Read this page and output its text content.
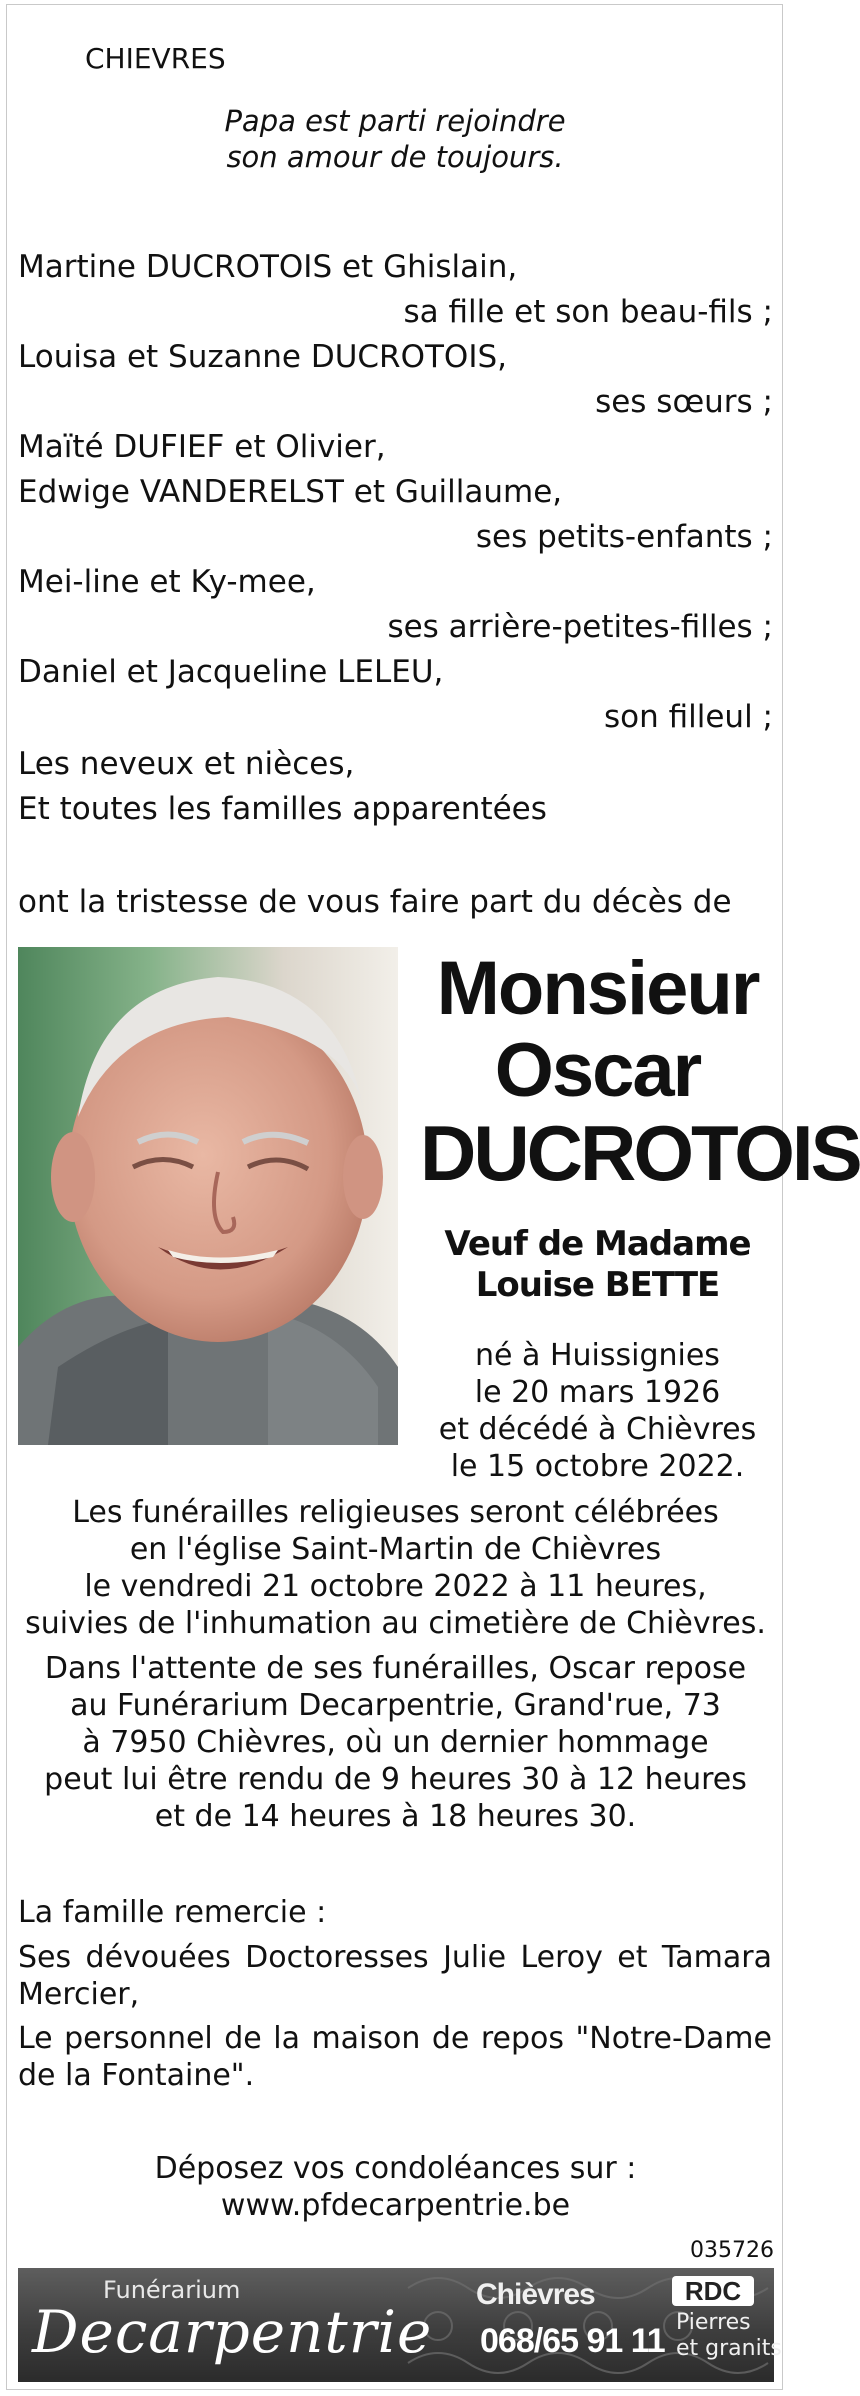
CHIEVRES
Papa est parti rejoindre
son amour de toujours.
Martine DUCROTOIS et Ghislain,
sa fille et son beau-fils ;
Louisa et Suzanne DUCROTOIS,
ses sœurs ;
Maïté DUFIEF et Olivier,
Edwige VANDERELST et Guillaume,
ses petits-enfants ;
Mei-line et Ky-mee,
ses arrière-petites-filles ;
Daniel et Jacqueline LELEU,
son filleul ;
Les neveux et nièces,
Et toutes les familles apparentées
ont la tristesse de vous faire part du décès de
Monsieur
Oscar
DUCROTOIS
Veuf de Madame
Louise BETTE
né à Huissignies
le 20 mars 1926
et décédé à Chièvres
le 15 octobre 2022.
Les funérailles religieuses seront célébrées
en l'église Saint-Martin de Chièvres
le vendredi 21 octobre 2022 à 11 heures,
suivies de l'inhumation au cimetière de Chièvres.
Dans l'attente de ses funérailles, Oscar repose
au Funérarium Decarpentrie, Grand'rue, 73
à 7950 Chièvres, où un dernier hommage
peut lui être rendu de 9 heures 30 à 12 heures
et de 14 heures à 18 heures 30.
La famille remercie :
Ses dévouées Doctoresses Julie Leroy et Tamara
Mercier,
Le personnel de la maison de repos "Notre-Dame
de la Fontaine".
Déposez vos condoléances sur :
www.pfdecarpentrie.be
035726
Funérarium
Decarpentrie
Chièvres
068/65 91 11
RDC
Pierres
et granits
